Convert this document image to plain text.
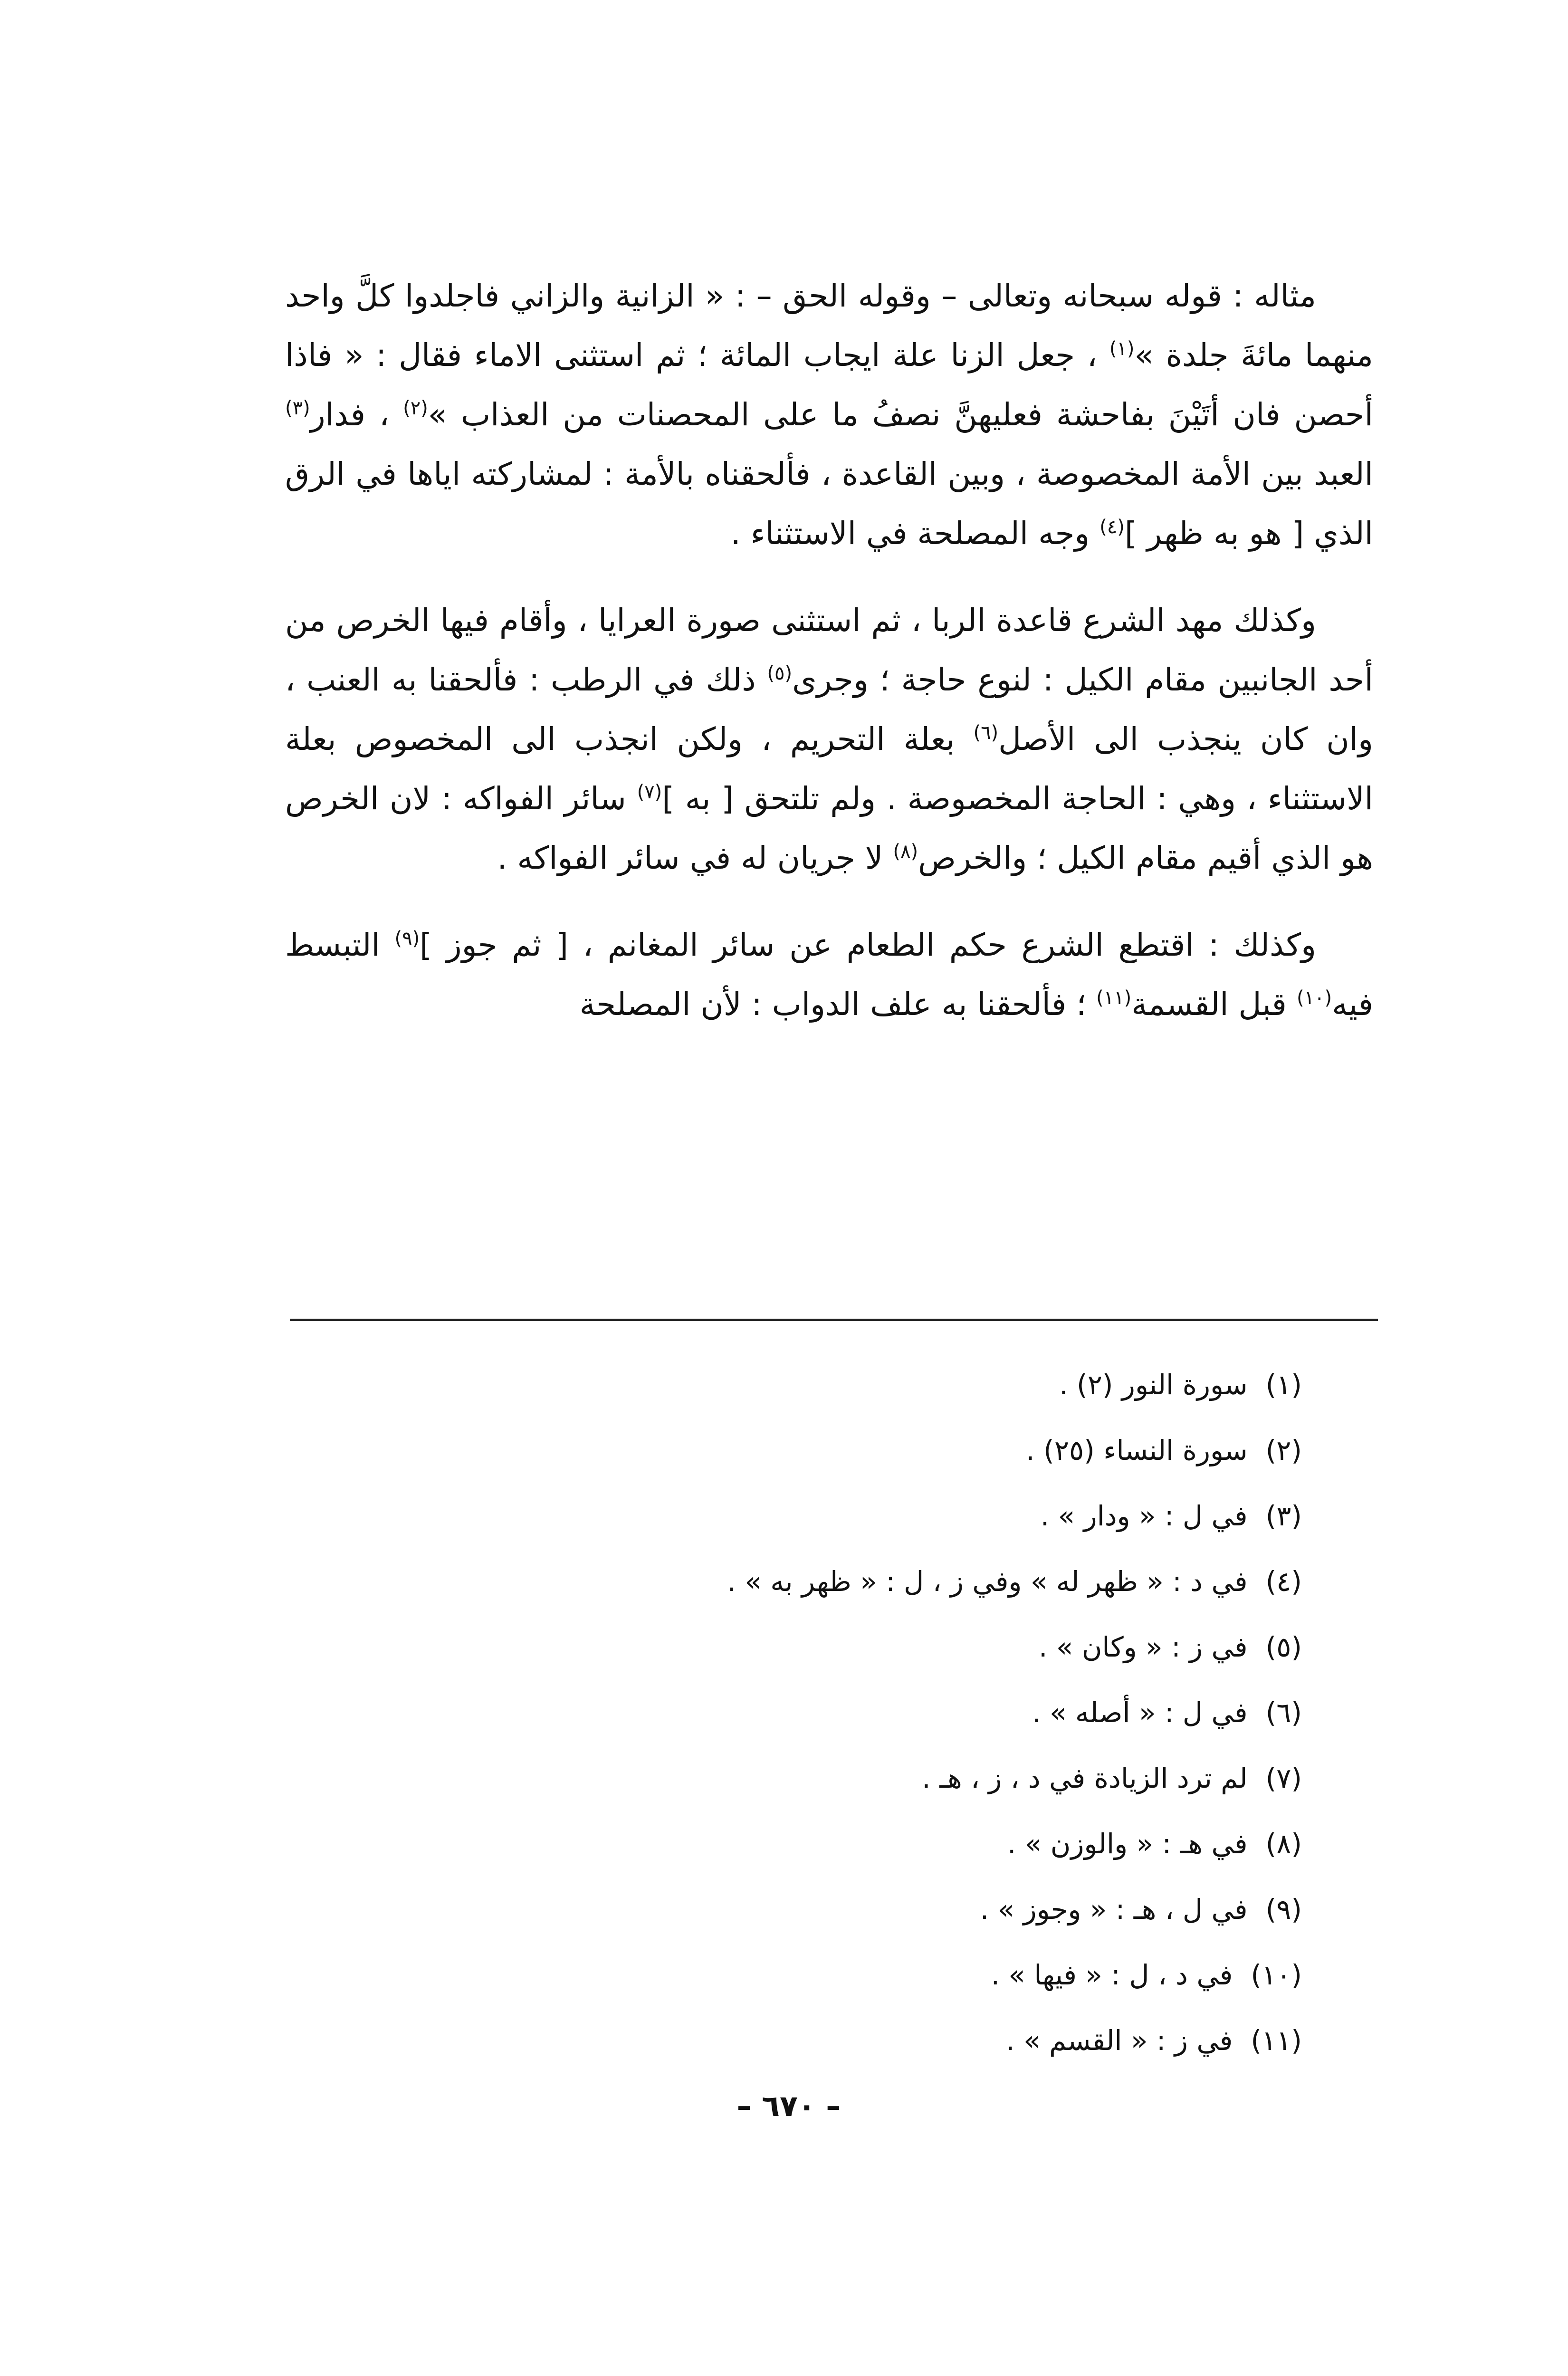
مثاله : قوله سبحانه وتعالى – وقوله الحق – : « الزانية والزاني فاجلدوا كلَّ واحد منهما مائةَ جلدة »$^{(١)}$ ، جعل الزنا علة ايجاب المائة ؛ ثم استثنى الاماء فقال : « فاذا أحصن فان أتَيْنَ بفاحشة فعليهنَّ نصفُ ما على المحصنات من العذاب »$^{(٢)}$ ، فدار$^{(٣)}$ العبد بين الأمة المخصوصة ، وبين القاعدة ، فألحقناه بالأمة : لمشاركته اياها في الرق الذي [ هو به ظهر ]$^{(٤)}$ وجه المصلحة في الاستثناء .

وكذلك مهد الشرع قاعدة الربا ، ثم استثنى صورة العرايا ، وأقام فيها الخرص من أحد الجانبين مقام الكيل : لنوع حاجة ؛ وجرى$^{(٥)}$ ذلك في الرطب : فألحقنا به العنب ، وان كان ينجذب الى الأصل$^{(٦)}$ بعلة التحريم ، ولكن انجذب الى المخصوص بعلة الاستثناء ، وهي : الحاجة المخصوصة . ولم تلتحق [ به ]$^{(٧)}$ سائر الفواكه : لان الخرص هو الذي أقيم مقام الكيل ؛ والخرص$^{(٨)}$ لا جريان له في سائر الفواكه .

وكذلك : اقتطع الشرع حكم الطعام عن سائر المغانم ، [ ثم جوز ]$^{(٩)}$ التبسط فيه$^{(١٠)}$ قبل القسمة$^{(١١)}$ ؛ فألحقنا به علف الدواب : لأن المصلحة

(١)سورة النور (٢) .
(٢)سورة النساء (٢٥) .
(٣)في ل : « ودار » .
(٤)في د : « ظهر له » وفي ز ، ل : « ظهر به » .
(٥)في ز : « وكان » .
(٦)في ل : « أصله » .
(٧)لم ترد الزيادة في د ، ز ، هـ .
(٨)في هـ : « والوزن » .
(٩)في ل ، هـ : « وجوز » .
(١٠)في د ، ل : « فيها » .
(١١)في ز : « القسم » .
– ٦٧٠ –
